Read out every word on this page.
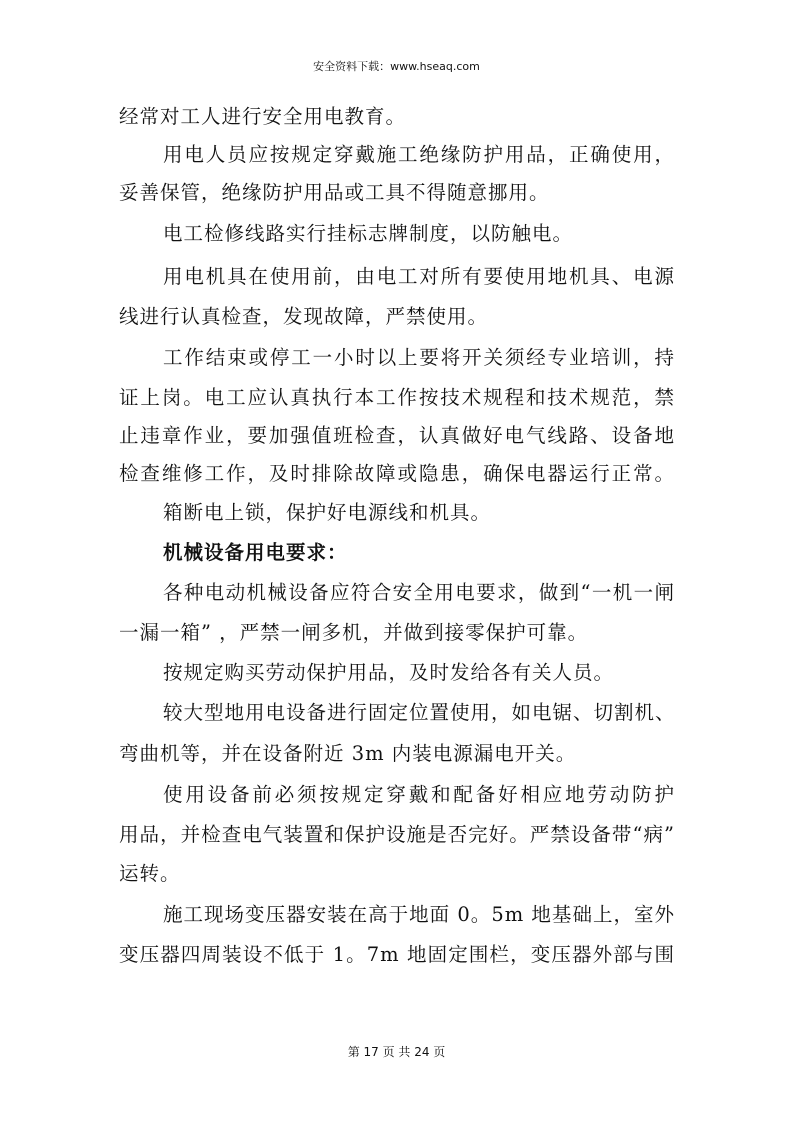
安全资料下载：www.hseaq.com
经常对工人进行安全用电教育。
用电人员应按规定穿戴施工绝缘防护用品，正确使用，
妥善保管，绝缘防护用品或工具不得随意挪用。
电工检修线路实行挂标志牌制度，以防触电。
用电机具在使用前，由电工对所有要使用地机具、电源
线进行认真检查，发现故障，严禁使用。
工作结束或停工一小时以上要将开关须经专业培训，持
证上岗。电工应认真执行本工作按技术规程和技术规范，禁
止违章作业，要加强值班检查，认真做好电气线路、设备地
检查维修工作，及时排除故障或隐患，确保电器运行正常。
箱断电上锁，保护好电源线和机具。
机械设备用电要求：
各种电动机械设备应符合安全用电要求，做到“一机一闸
一漏一箱” ，严禁一闸多机，并做到接零保护可靠。
按规定购买劳动保护用品，及时发给各有关人员。
较大型地用电设备进行固定位置使用，如电锯、切割机、
弯曲机等，并在设备附近 3m 内装电源漏电开关。
使用设备前必须按规定穿戴和配备好相应地劳动防护
用品，并检查电气装置和保护设施是否完好。严禁设备带“病”
运转。
施工现场变压器安装在高于地面 0。5m 地基础上，室外
变压器四周装设不低于 1。7m 地固定围栏，变压器外部与围
第 17 页 共 24 页
